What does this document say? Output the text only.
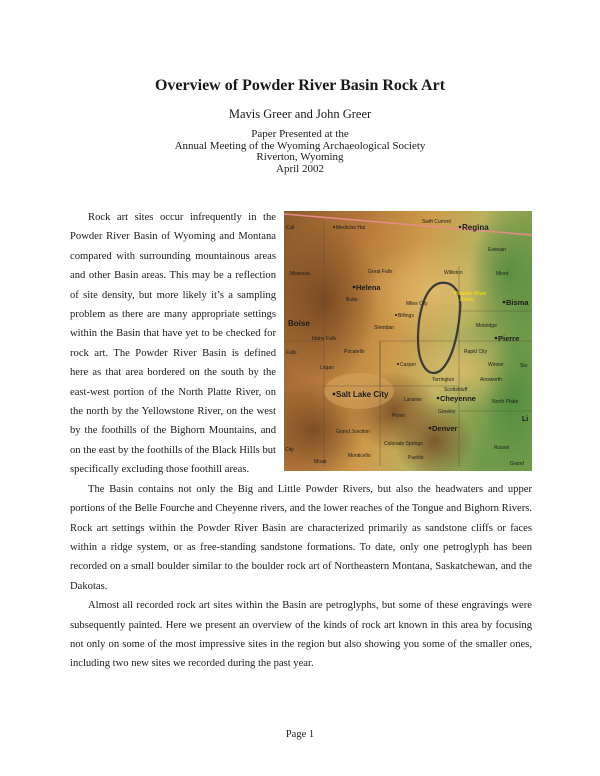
Overview of Powder River Basin Rock Art
Mavis Greer and John Greer
Paper Presented at the
Annual Meeting of the Wyoming Archaeological Society
Riverton, Wyoming
April 2002
Powder River
Basin
Cal
Swift Current
Regina
Medicine Hat
Estevan
Missoula	Great Falls	Williston	Minot
Helena
Butte
Miles City	Bisma
Billings
Boise	Sheridan	Mobridge
Idaho Falls	Pierre
Falls	Pocatello	Rapid City
Casper	Winner
Logan	Sio
Torrington	Ainsworth
Salt Lake City	Scottsbluff
Laramie Cheyenne	North Platte
Li
Greeley
Provo
Denver
Grand Junction
City
Colorado Springs
Russel
Monticello	Pueblo
Moab	Grand

Rock art sites occur infrequently in the Powder River Basin of Wyoming and Montana compared with surrounding mountainous areas and other Basin areas. This may be a reflection of site density, but more likely it’s a sampling problem as there are many appropriate settings within the Basin that have yet to be checked for rock art. The Powder River Basin is defined here as that area bordered on the south by the east-west portion of the North Platte River, on the north by the Yellowstone River, on the west by the foothills of the Bighorn Mountains, and on the east by the foothills of the Black Hills but specifically excluding those foothill areas.

The Basin contains not only the Big and Little Powder Rivers, but also the headwaters and upper portions of the Belle Fourche and Cheyenne rivers, and the lower reaches of the Tongue and Bighorn Rivers. Rock art settings within the Powder River Basin are characterized primarily as sandstone cliffs or faces within a ridge system, or as free-standing sandstone formations. To date, only one petroglyph has been recorded on a small boulder similar to the boulder rock art of Northeastern Montana, Saskatchewan, and the Dakotas.

Almost all recorded rock art sites within the Basin are petroglyphs, but some of these engravings were subsequently painted. Here we present an overview of the kinds of rock art known in this area by focusing not only on some of the most impressive sites in the region but also showing you some of the smaller ones, including two new sites we recorded during the past year.

Page 1
